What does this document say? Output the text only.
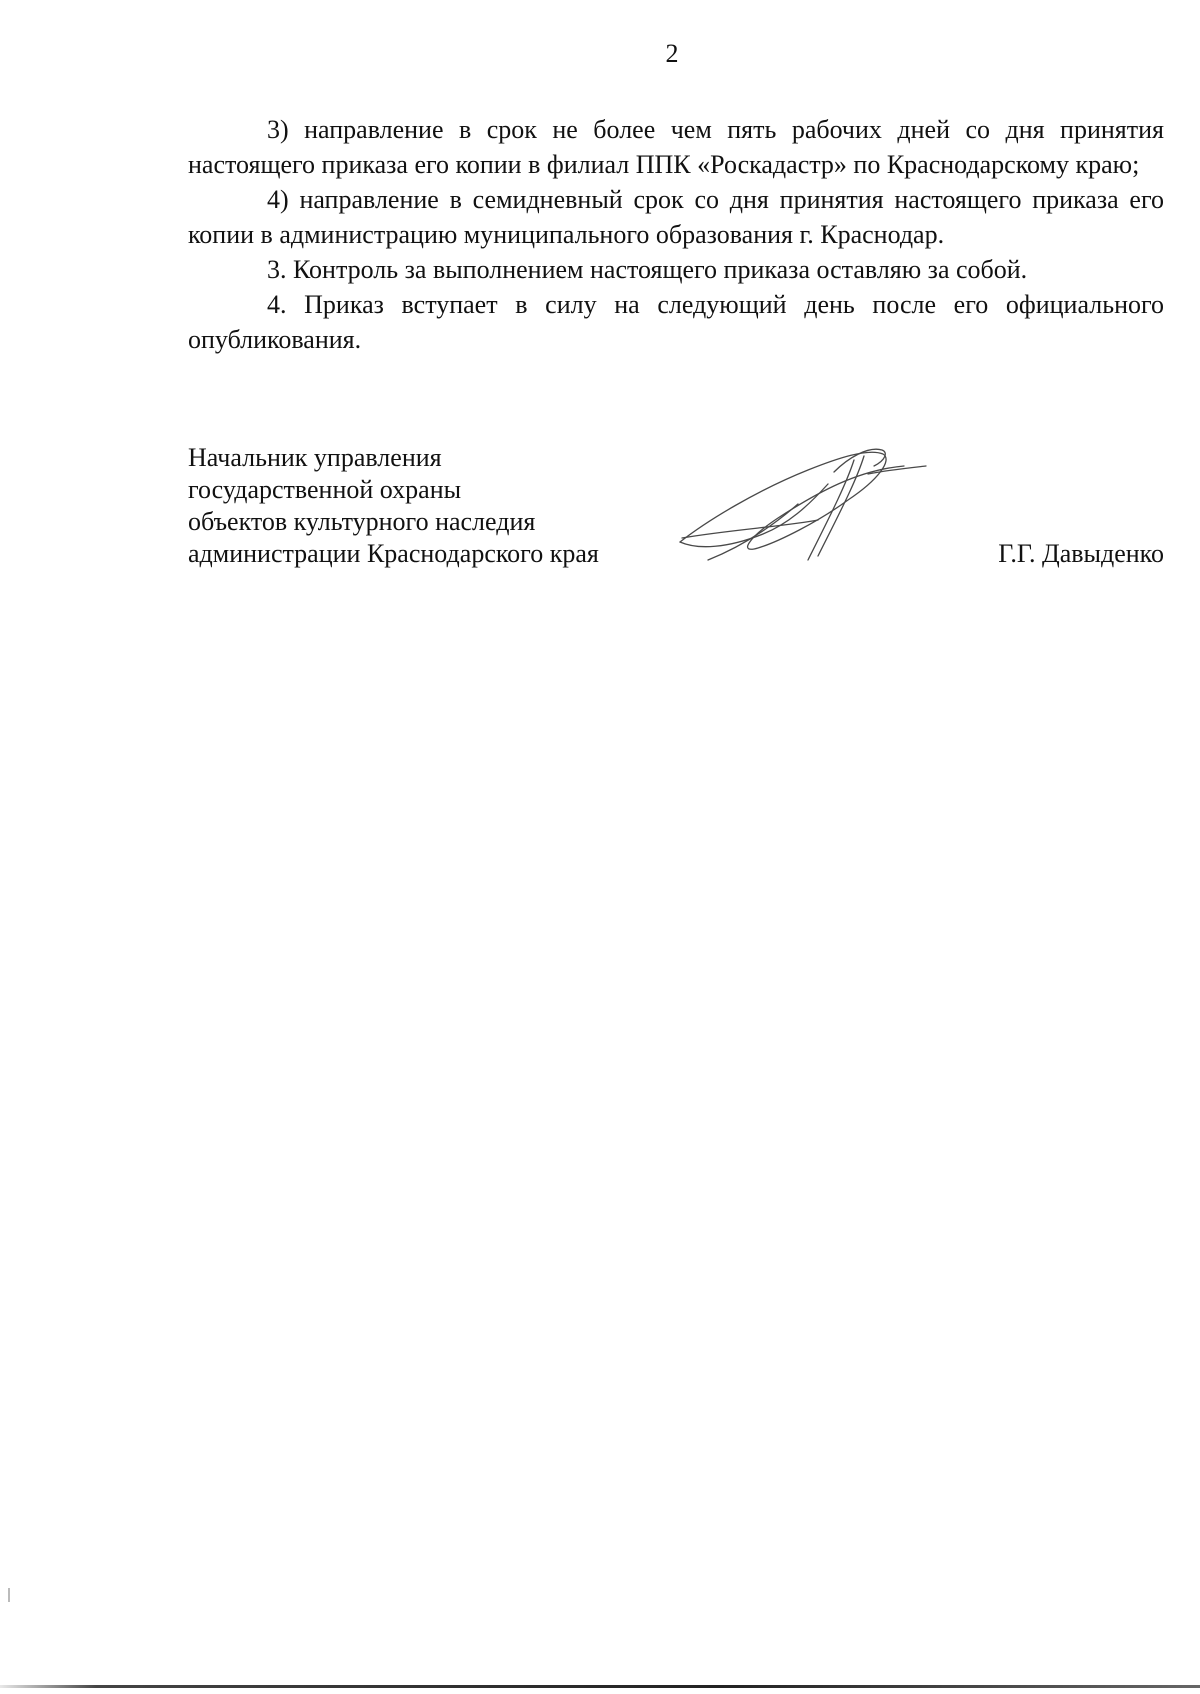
2

3) направление в срок не более чем пять рабочих дней со дня принятия настоящего приказа его копии в филиал ППК «Роскадастр» по Краснодарскому краю;

4) направление в семидневный срок со дня принятия настоящего приказа его копии в администрацию муниципального образования г. Краснодар.

3. Контроль за выполнением настоящего приказа оставляю за собой.

4. Приказ вступает в силу на следующий день после его официального опубликования.

Начальник управления
государственной охраны
объектов культурного наследия
администрации Краснодарского края	Г.Г. Давыденко
